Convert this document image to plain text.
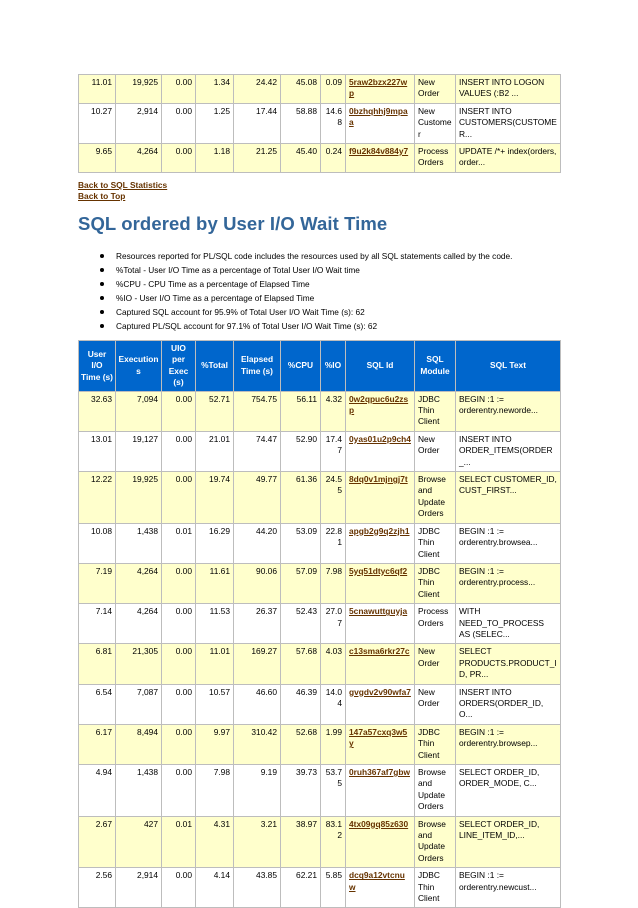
11.01	19,925	0.00	1.34	24.42	45.08	0.09	5raw2bzx227wp	New Order	INSERT INTO LOGON VALUES (:B2 ...
10.27	2,914	0.00	1.25	17.44	58.88	14.68	0bzhqhhj9mpaa	New Customer	INSERT INTO CUSTOMERS(CUSTOMER...
9.65	4,264	0.00	1.18	21.25	45.40	0.24	f9u2k84v884y7	Process Orders	UPDATE /*+ index(orders, order...
Back to SQL Statistics
Back to Top
SQL ordered by User I/O Wait Time
Resources reported for PL/SQL code includes the resources used by all SQL statements called by the code.
%Total - User I/O Time as a percentage of Total User I/O Wait time
%CPU - CPU Time as a percentage of Elapsed Time
%IO - User I/O Time as a percentage of Elapsed Time
Captured SQL account for 95.9% of Total User I/O Wait Time (s): 62
Captured PL/SQL account for 97.1% of Total User I/O Wait Time (s): 62
User I/O Time (s)	Executions	UIO per Exec (s)	%Total	Elapsed Time (s)	%CPU	%IO	SQL Id	SQL Module	SQL Text
32.63	7,094	0.00	52.71	754.75	56.11	4.32	0w2qpuc6u2zsp	JDBC Thin Client	BEGIN :1 := orderentry.neworde...
13.01	19,127	0.00	21.01	74.47	52.90	17.47	0yas01u2p9ch4	New Order	INSERT INTO ORDER_ITEMS(ORDER_...
12.22	19,925	0.00	19.74	49.77	61.36	24.55	8dq0v1mjngj7t	Browse and Update Orders	SELECT CUSTOMER_ID, CUST_FIRST...
10.08	1,438	0.01	16.29	44.20	53.09	22.81	apgb2g9q2zjh1	JDBC Thin Client	BEGIN :1 := orderentry.browsea...
7.19	4,264	0.00	11.61	90.06	57.09	7.98	5yq51dtyc6qf2	JDBC Thin Client	BEGIN :1 := orderentry.process...
7.14	4,264	0.00	11.53	26.37	52.43	27.07	5cnawuttguyja	Process Orders	WITH NEED_TO_PROCESS AS (SELEC...
6.81	21,305	0.00	11.01	169.27	57.68	4.03	c13sma6rkr27c	New Order	SELECT PRODUCTS.PRODUCT_ID, PR...
6.54	7,087	0.00	10.57	46.60	46.39	14.04	gvgdv2v90wfa7	New Order	INSERT INTO ORDERS(ORDER_ID, O...
6.17	8,494	0.00	9.97	310.42	52.68	1.99	147a57cxq3w5y	JDBC Thin Client	BEGIN :1 := orderentry.browsep...
4.94	1,438	0.00	7.98	9.19	39.73	53.75	0ruh367af7gbw	Browse and Update Orders	SELECT ORDER_ID, ORDER_MODE, C...
2.67	427	0.01	4.31	3.21	38.97	83.12	4tx09gq85z630	Browse and Update Orders	SELECT ORDER_ID, LINE_ITEM_ID,...
2.56	2,914	0.00	4.14	43.85	62.21	5.85	dcq9a12vtcnuw	JDBC Thin Client	BEGIN :1 := orderentry.newcust...
